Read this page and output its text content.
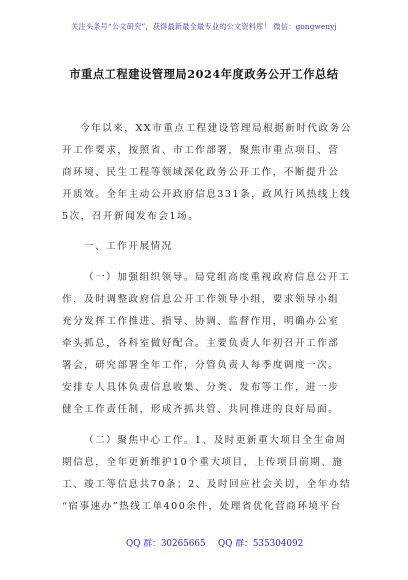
关注头条号“公文研究”，获得最新最全最专业的公文资料库！ 微信：gongwenyj
市重点工程建设管理局2024年度政务公开工作总结
今年以来，XX市重点工程建设管理局根据新时代政务公
开工作要求，按照省、市工作部署，聚焦市重点项目、营
商环境、民生工程等领域深化政务公开工作，不断提升公
开质效。全年主动公开政府信息331条，政风行风热线上线
5次，召开新闻发布会1场。
一、工作开展情况
（一）加强组织领导。局党组高度重视政府信息公开工
作，及时调整政府信息公开工作领导小组，要求领导小组
充分发挥工作推进、指导、协调、监督作用，明确办公室
牵头抓总，各科室做好配合。主要负责人年初召开工作部
署会，研究部署全年工作，分管负责人每季度调度一次。
安排专人具体负责信息收集、分类、发布等工作，进一步
健全工作责任制，形成齐抓共管、共同推进的良好局面。
（二）聚焦中心工作。1、及时更新重大项目全生命周
期信息，全年更新维护10个重大项目，上传项目前期、施
工、竣工等信息共70条；2、及时回应社会关切，全年办结
“宿事速办”热线工单400余件，处理省优化营商环境平台
QQ 群：30265665 QQ 群：535304092
